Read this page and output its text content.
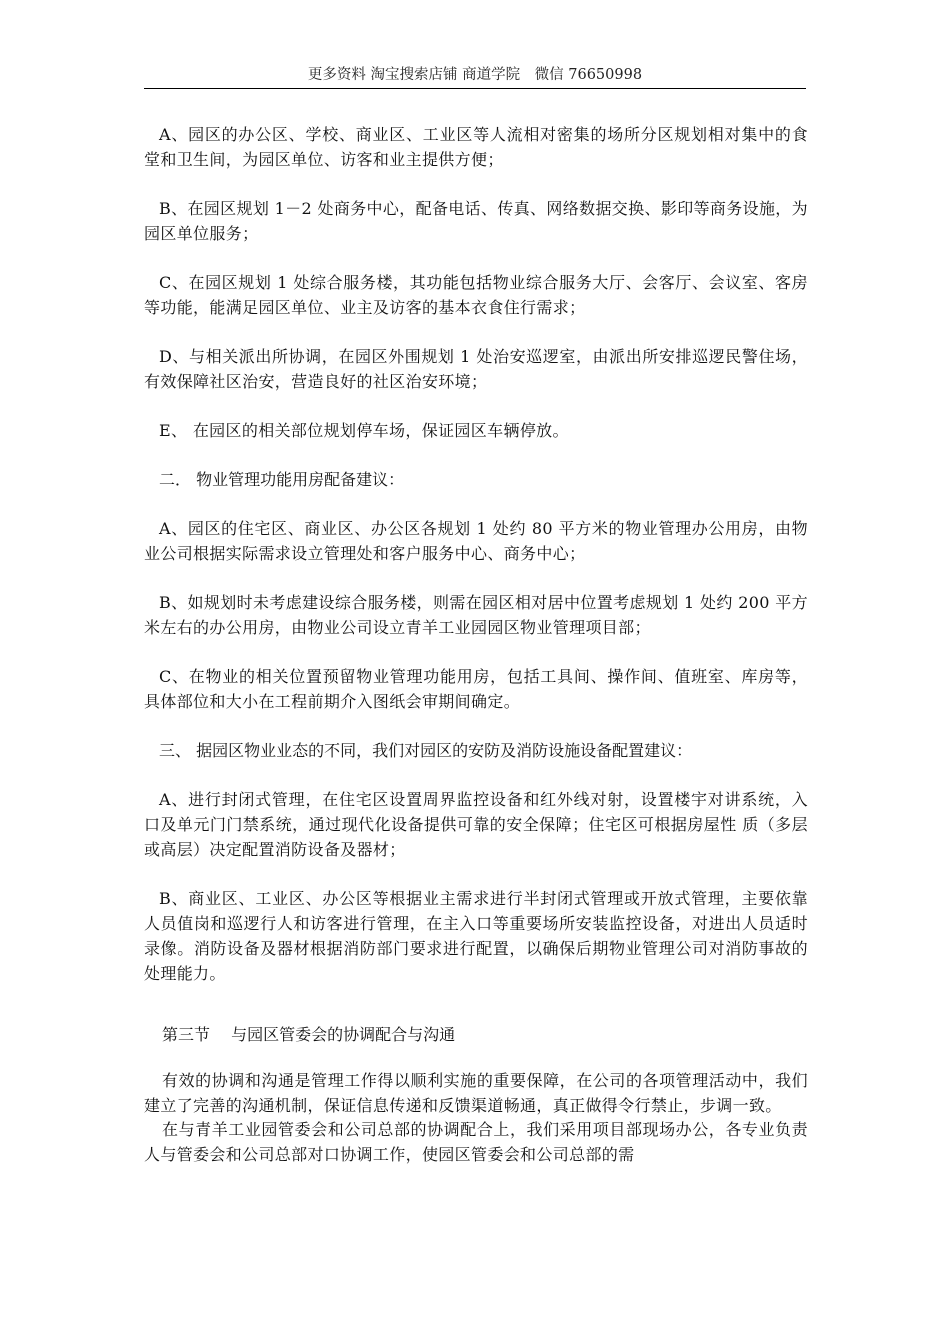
更多资料 淘宝搜索店铺 商道学院　微信 76650998

A、园区的办公区、学校、商业区、工业区等人流相对密集的场所分区规划相对集中的食堂和卫生间，为园区单位、访客和业主提供方便；

B、在园区规划 1－2 处商务中心，配备电话、传真、网络数据交换、影印等商务设施，为园区单位服务；

C、在园区规划 1 处综合服务楼，其功能包括物业综合服务大厅、会客厅、会议室、客房等功能，能满足园区单位、业主及访客的基本衣食住行需求；

D、与相关派出所协调，在园区外围规划 1 处治安巡逻室，由派出所安排巡逻民警住场，有效保障社区治安，营造良好的社区治安环境；

E、 在园区的相关部位规划停车场，保证园区车辆停放。

二． 物业管理功能用房配备建议：

A、园区的住宅区、商业区、办公区各规划 1 处约 80 平方米的物业管理办公用房，由物业公司根据实际需求设立管理处和客户服务中心、商务中心；

B、如规划时未考虑建设综合服务楼，则需在园区相对居中位置考虑规划 1 处约 200 平方米左右的办公用房，由物业公司设立青羊工业园园区物业管理项目部；

C、在物业的相关位置预留物业管理功能用房，包括工具间、操作间、值班室、库房等，具体部位和大小在工程前期介入图纸会审期间确定。

三、 据园区物业业态的不同，我们对园区的安防及消防设施设备配置建议：

A、进行封闭式管理，在住宅区设置周界监控设备和红外线对射，设置楼宇对讲系统，入口及单元门门禁系统，通过现代化设备提供可靠的安全保障；住宅区可根据房屋性 质（多层或高层）决定配置消防设备及器材；

B、商业区、工业区、办公区等根据业主需求进行半封闭式管理或开放式管理，主要依靠人员值岗和巡逻行人和访客进行管理，在主入口等重要场所安装监控设备，对进出人员适时录像。消防设备及器材根据消防部门要求进行配置，以确保后期物业管理公司对消防事故的处理能力。

第三节　 与园区管委会的协调配合与沟通

有效的协调和沟通是管理工作得以顺利实施的重要保障，在公司的各项管理活动中，我们建立了完善的沟通机制，保证信息传递和反馈渠道畅通，真正做得令行禁止，步调一致。

在与青羊工业园管委会和公司总部的协调配合上，我们采用项目部现场办公，各专业负责人与管委会和公司总部对口协调工作，使园区管委会和公司总部的需
